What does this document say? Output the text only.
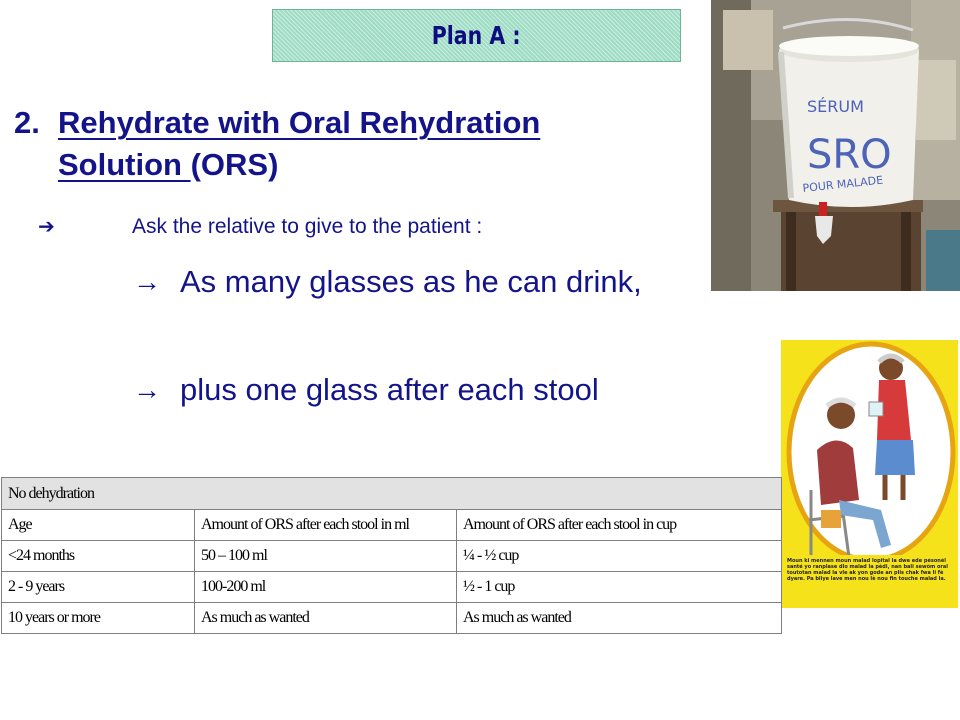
Plan A :
2. Rehydrate with Oral Rehydration Solution (ORS)
➔	Ask the relative to give to the patient :
→ As many glasses as he can drink,
→ plus one glass after each stool
SÉRUM
SRO
POUR MALADE
Moun ki mennen moun malad lopital la dwe ede pèsonèl santé yo ranplase dlo malad la pèdi, nan bali sewòm oral toutotan malad la vle ak yon gode an plis chak fwa li fè dyare. Pa bliye lave men nou lè nou fin touche malad la.
No dehydration		
Age	Amount of ORS after each stool in ml	Amount of ORS after each stool in cup
<24 months	50 – 100 ml	¼ - ½ cup
2 - 9 years	100-200 ml	½ - 1 cup
10 years or more	As much as wanted	As much as wanted
